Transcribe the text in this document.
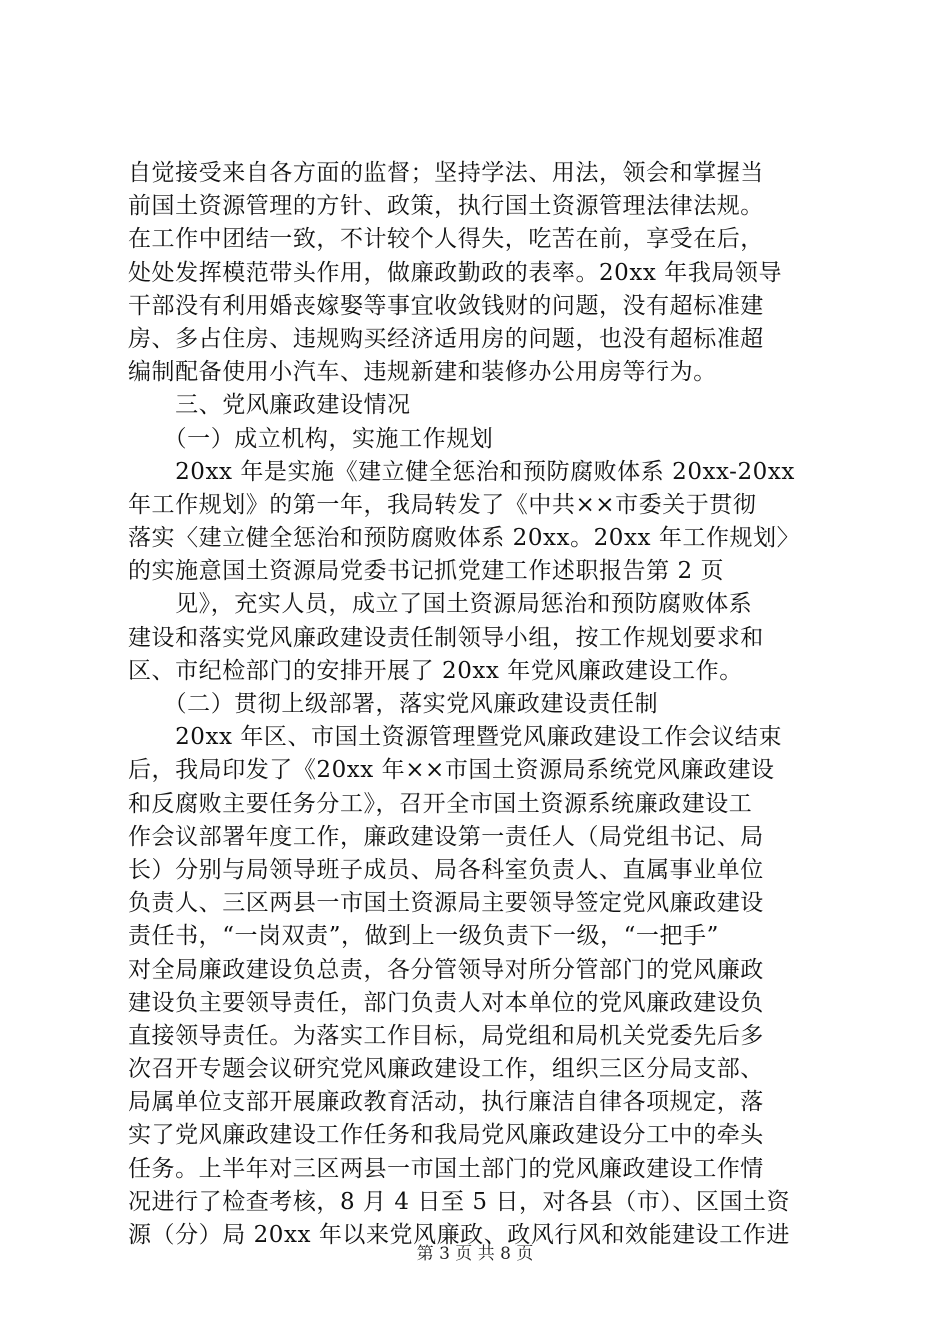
自觉接受来自各方面的监督；坚持学法、用法，领会和掌握当
前国土资源管理的方针、政策，执行国土资源管理法律法规。
在工作中团结一致，不计较个人得失，吃苦在前，享受在后，
处处发挥模范带头作用，做廉政勤政的表率。20xx 年我局领导
干部没有利用婚丧嫁娶等事宜收敛钱财的问题，没有超标准建
房、多占住房、违规购买经济适用房的问题，也没有超标准超
编制配备使用小汽车、违规新建和装修办公用房等行为。
　　三、党风廉政建设情况
　　（一）成立机构，实施工作规划
　　20xx 年是实施《建立健全惩治和预防腐败体系 20xx-20xx
年工作规划》的第一年，我局转发了《中共××市委关于贯彻
落实〈建立健全惩治和预防腐败体系 20xx。20xx 年工作规划〉
的实施意国土资源局党委书记抓党建工作述职报告第 2 页
　　见》，充实人员，成立了国土资源局惩治和预防腐败体系
建设和落实党风廉政建设责任制领导小组，按工作规划要求和
区、市纪检部门的安排开展了 20xx 年党风廉政建设工作。
　　（二）贯彻上级部署，落实党风廉政建设责任制
　　20xx 年区、市国土资源管理暨党风廉政建设工作会议结束
后，我局印发了《20xx 年××市国土资源局系统党风廉政建设
和反腐败主要任务分工》，召开全市国土资源系统廉政建设工
作会议部署年度工作，廉政建设第一责任人（局党组书记、局
长）分别与局领导班子成员、局各科室负责人、直属事业单位
负责人、三区两县一市国土资源局主要领导签定党风廉政建设
责任书，“一岗双责”，做到上一级负责下一级，“一把手”
对全局廉政建设负总责，各分管领导对所分管部门的党风廉政
建设负主要领导责任，部门负责人对本单位的党风廉政建设负
直接领导责任。为落实工作目标，局党组和局机关党委先后多
次召开专题会议研究党风廉政建设工作，组织三区分局支部、
局属单位支部开展廉政教育活动，执行廉洁自律各项规定，落
实了党风廉政建设工作任务和我局党风廉政建设分工中的牵头
任务。上半年对三区两县一市国土部门的党风廉政建设工作情
况进行了检查考核，8 月 4 日至 5 日，对各县（市）、区国土资
源（分）局 20xx 年以来党风廉政、政风行风和效能建设工作进
第 3 页 共 8 页
